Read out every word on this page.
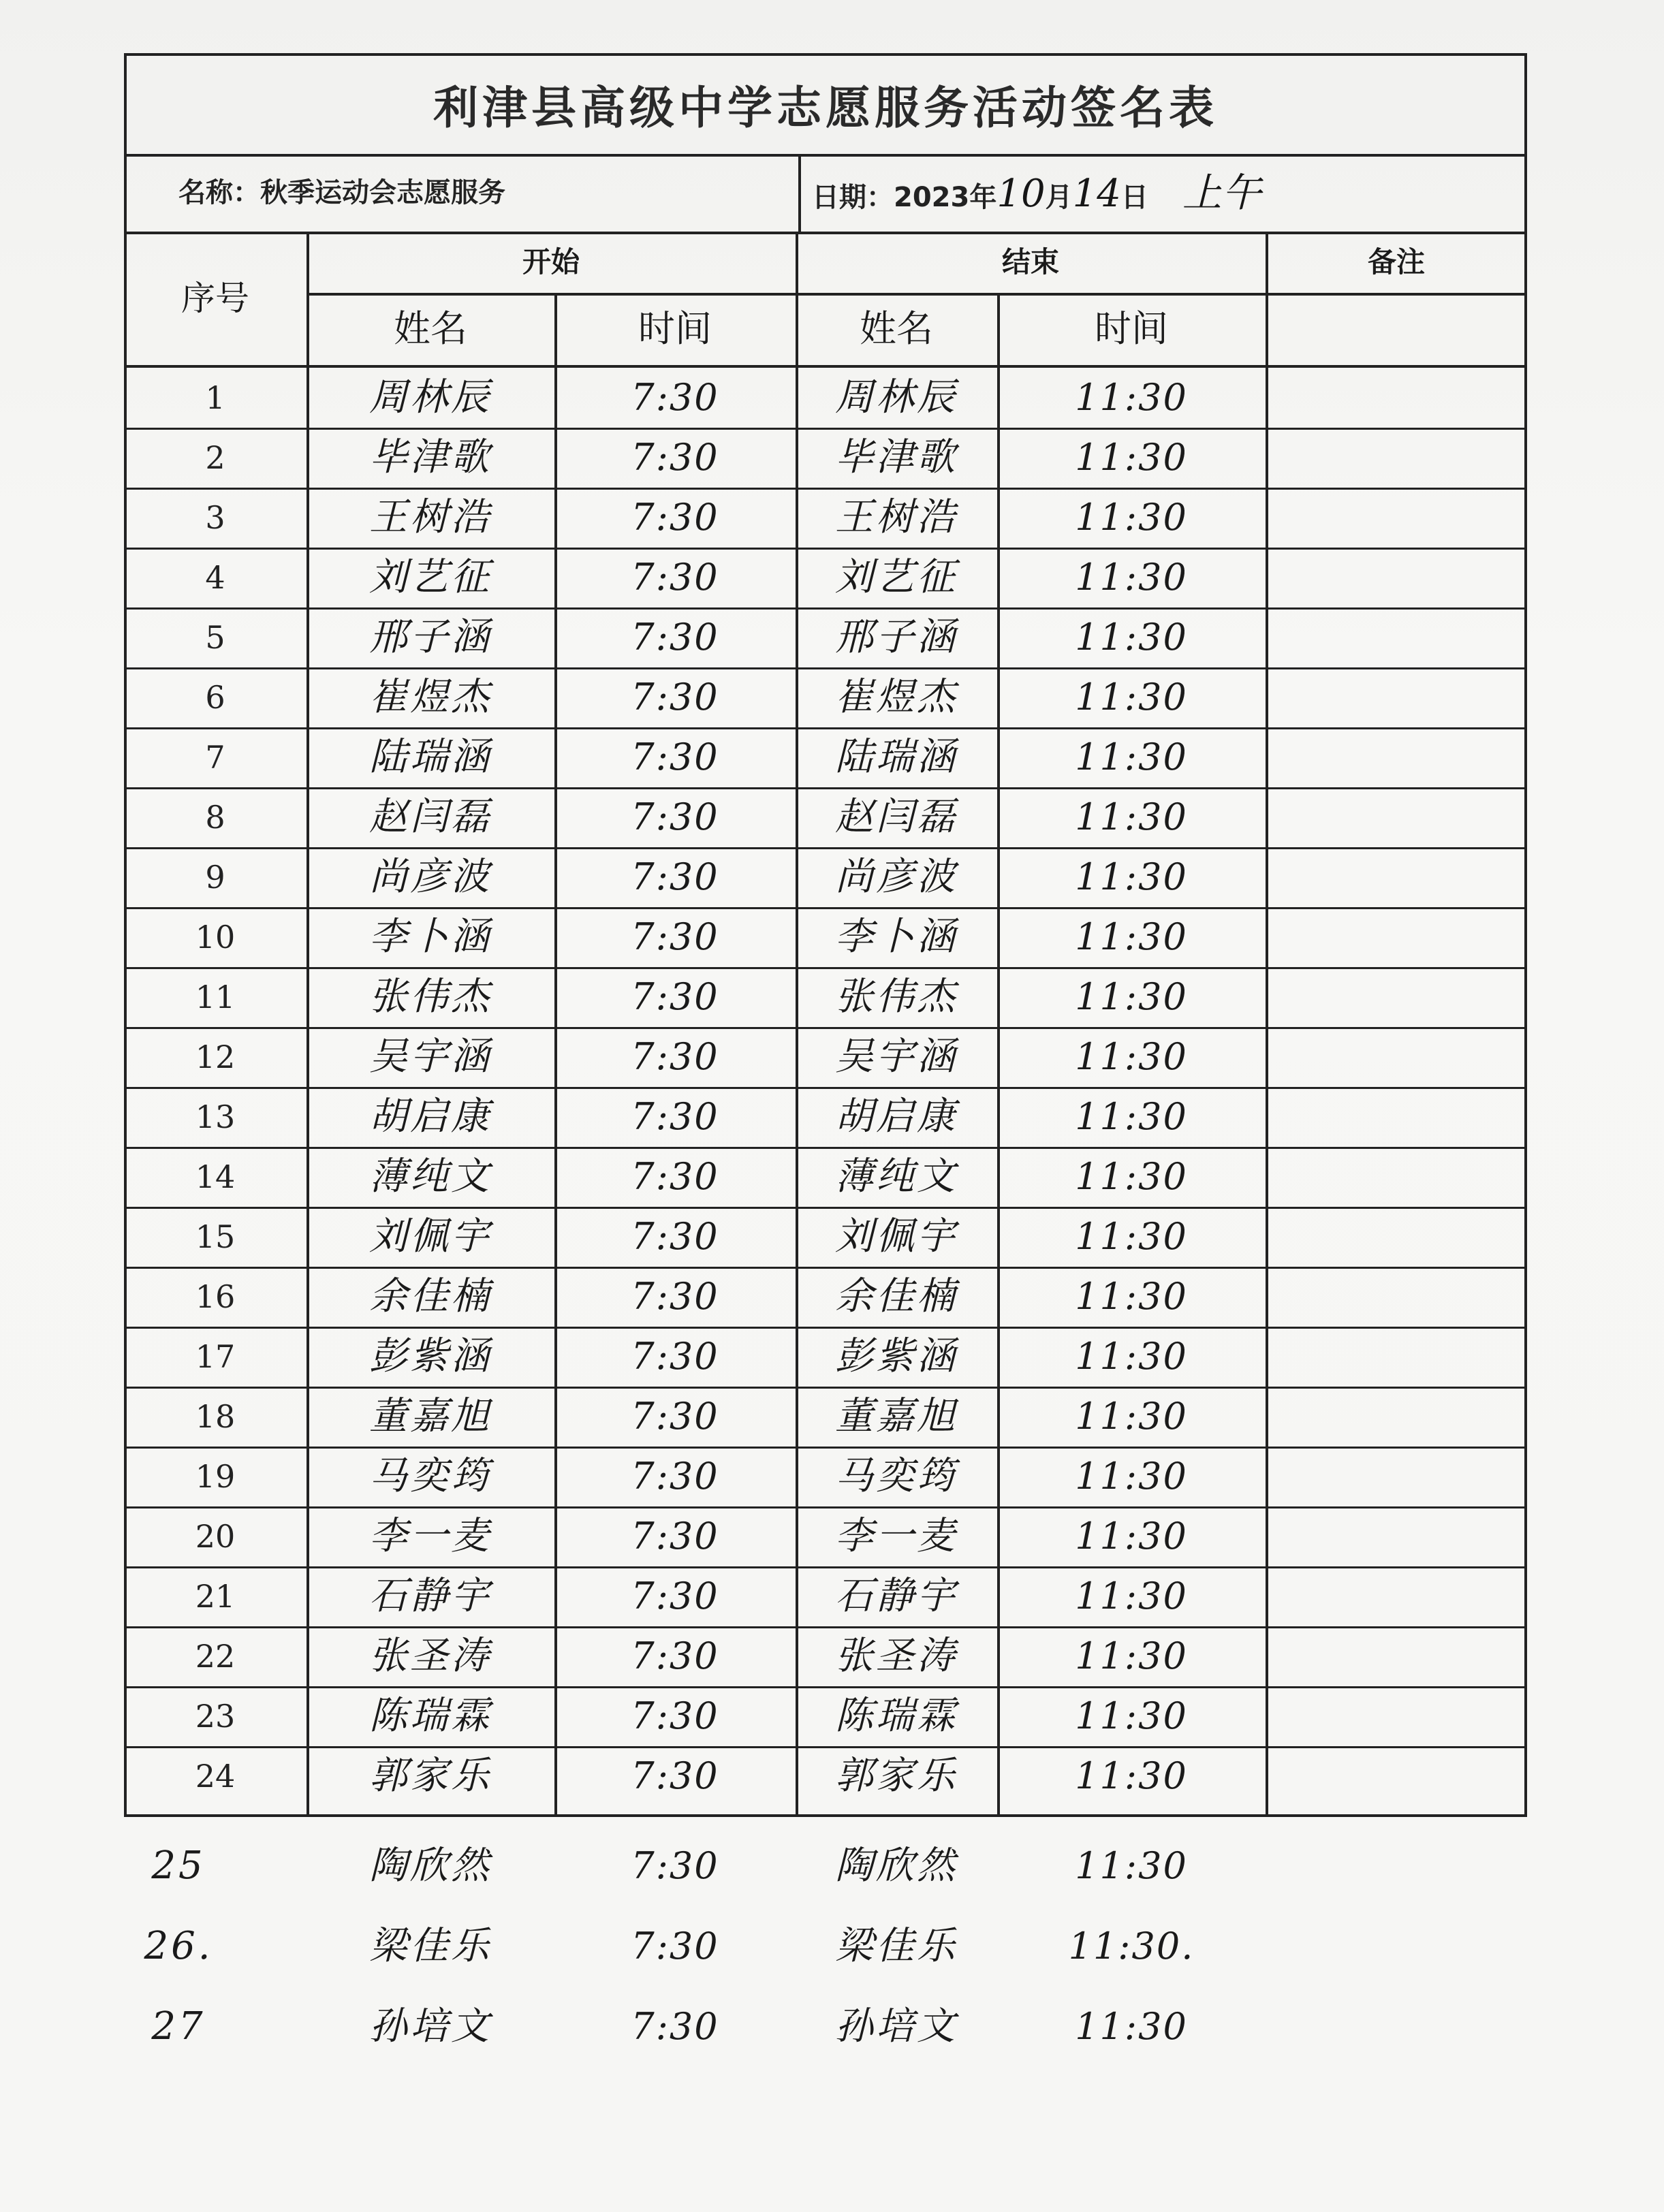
利津县高级中学志愿服务活动签名表
名称：秋季运动会志愿服务	日期：2023年10月14日 上午
序号
开始	结束	备注
姓名	时间	姓名	时间
1	周林辰	7:30	周林辰	11:30
2	毕津歌	7:30	毕津歌	11:30
3	王树浩	7:30	王树浩	11:30
4	刘艺征	7:30	刘艺征	11:30
5	邢子涵	7:30	邢子涵	11:30
6	崔煜杰	7:30	崔煜杰	11:30
7	陆瑞涵	7:30	陆瑞涵	11:30
8	赵闫磊	7:30	赵闫磊	11:30
9	尚彦波	7:30	尚彦波	11:30
10	李卜涵	7:30	李卜涵	11:30
11	张伟杰	7:30	张伟杰	11:30
12	吴宇涵	7:30	吴宇涵	11:30
13	胡启康	7:30	胡启康	11:30
14	薄纯文	7:30	薄纯文	11:30
15	刘佩宇	7:30	刘佩宇	11:30
16	余佳楠	7:30	余佳楠	11:30
17	彭紫涵	7:30	彭紫涵	11:30
18	董嘉旭	7:30	董嘉旭	11:30
19	马奕筠	7:30	马奕筠	11:30
20	李一麦	7:30	李一麦	11:30
21	石静宇	7:30	石静宇	11:30
22	张圣涛	7:30	张圣涛	11:30
23	陈瑞霖	7:30	陈瑞霖	11:30
24	郭家乐	7:30	郭家乐	11:30
25	陶欣然	7:30	陶欣然	11:30
26.	梁佳乐	7:30	梁佳乐	11:30.
27	孙培文	7:30	孙培文	11:30
